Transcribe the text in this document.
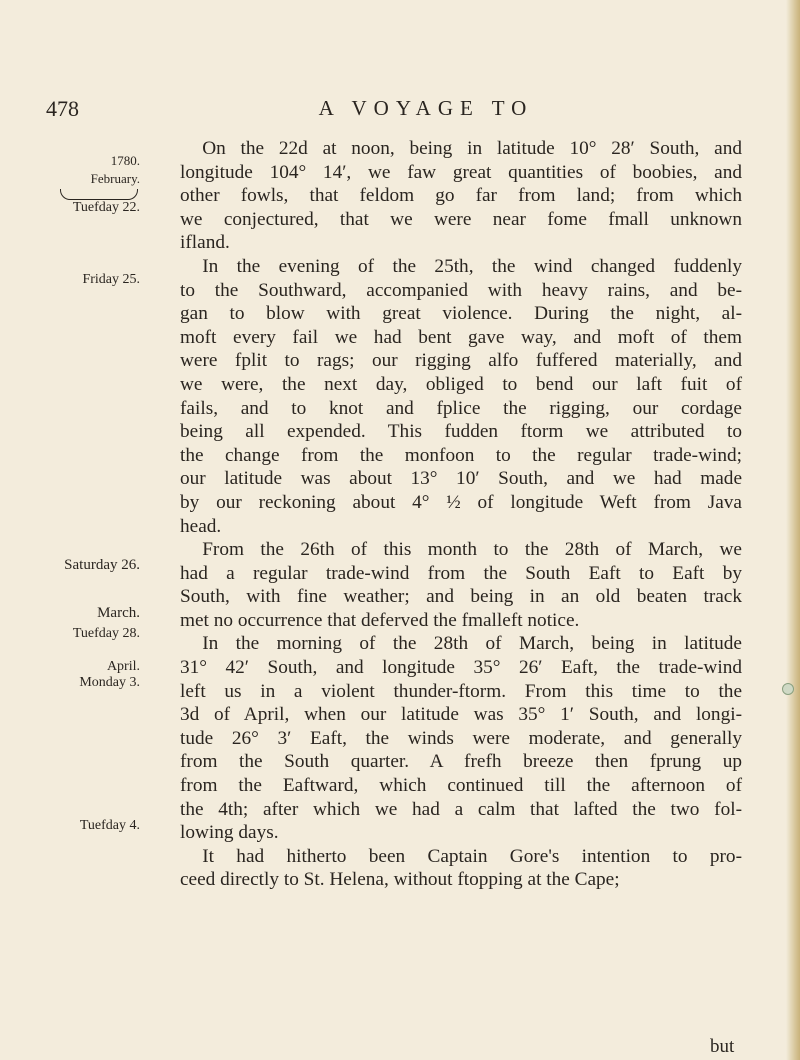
478	A VOYAGE TO
1780.
February.
Tuefday 22.
Friday 25.
Saturday 26.
March.
Tuefday 28.
April.
Monday 3.
Tuefday 4.

On the 22d at noon, being in latitude 10° 28′ South, and
longitude 104° 14′, we faw great quantities of boobies, and
other fowls, that feldom go far from land; from which
we conjectured, that we were near fome fmall unknown
ifland.

In the evening of the 25th, the wind changed fuddenly
to the Southward, accompanied with heavy rains, and be-
gan to blow with great violence. During the night, al-
moft every fail we had bent gave way, and moft of them
were fplit to rags; our rigging alfo fuffered materially, and
we were, the next day, obliged to bend our laft fuit of
fails, and to knot and fplice the rigging, our cordage
being all expended. This fudden ftorm we attributed to
the change from the monfoon to the regular trade-wind;
our latitude was about 13° 10′ South, and we had made
by our reckoning about 4° ½ of longitude Weft from Java
head.

From the 26th of this month to the 28th of March, we
had a regular trade-wind from the South Eaft to Eaft by
South, with fine weather; and being in an old beaten track
met no occurrence that deferved the fmalleft notice.

In the morning of the 28th of March, being in latitude
31° 42′ South, and longitude 35° 26′ Eaft, the trade-wind
left us in a violent thunder-ftorm. From this time to the
3d of April, when our latitude was 35° 1′ South, and longi-
tude 26° 3′ Eaft, the winds were moderate, and generally
from the South quarter. A frefh breeze then fprung up
from the Eaftward, which continued till the afternoon of
the 4th; after which we had a calm that lafted the two fol-
lowing days.

It had hitherto been Captain Gore's intention to pro-
ceed directly to St. Helena, without ftopping at the Cape;

but
